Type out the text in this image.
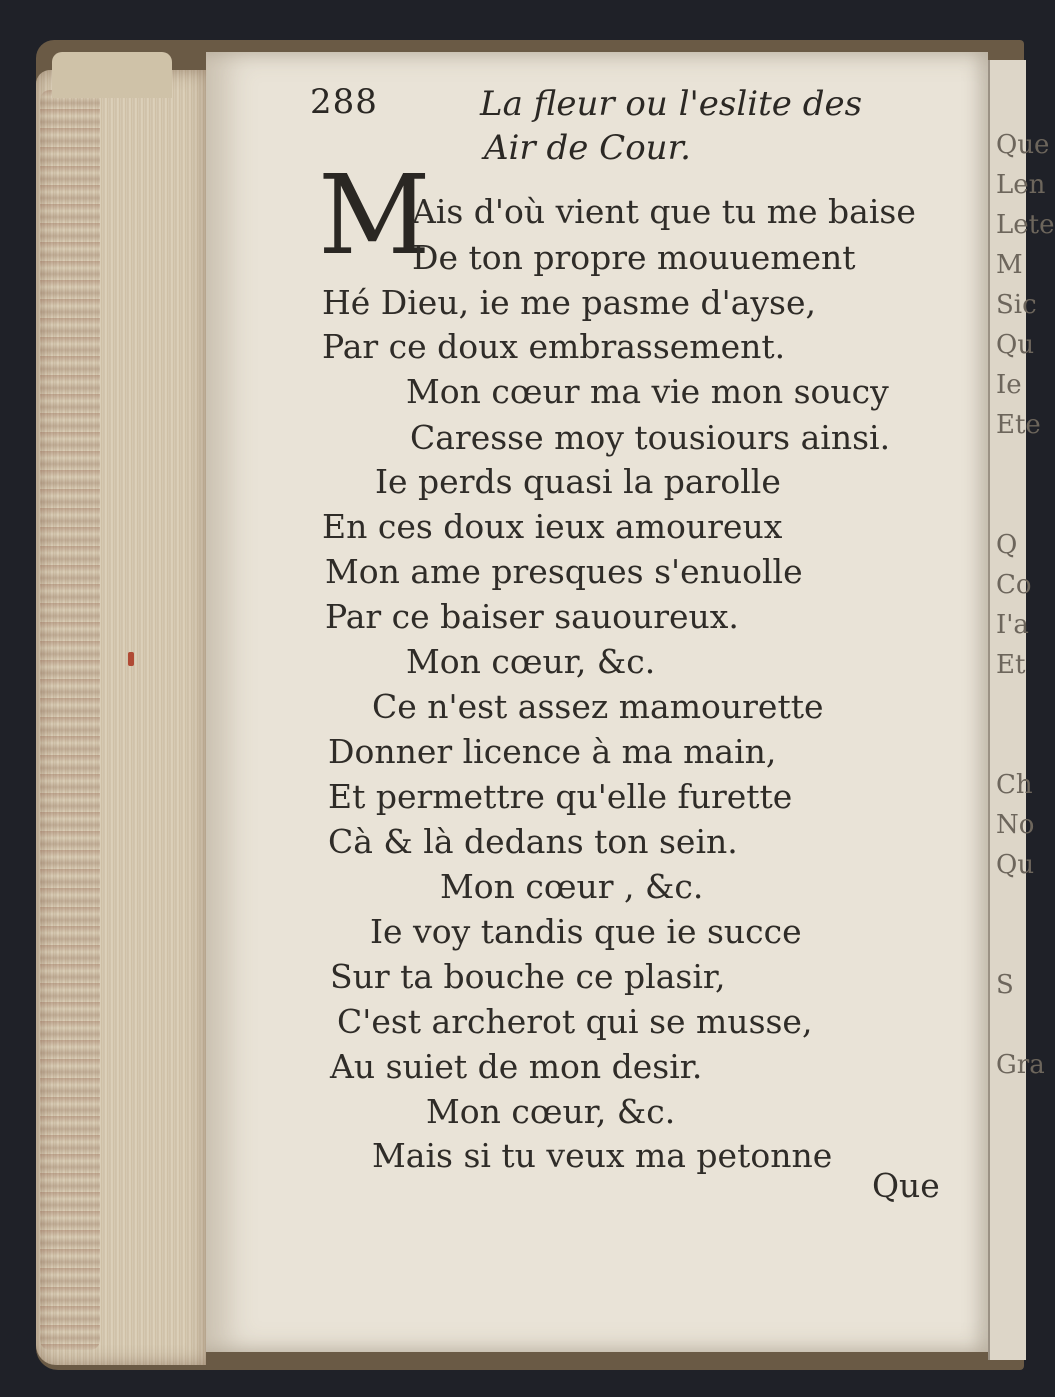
Que
Len
Lete
M
Sic
Qu
Ie
Ete
Q
Co
I'a
Et
Ch
No
Qu
S
Gra
288	La fleur ou l'eslite des
Air de Cour.
M
Ais d'où vient que tu me baise
De ton propre mouuement
Hé Dieu, ie me pasme d'ayse,
Par ce doux embrassement.
Mon cœur ma vie mon soucy
Caresse moy tousiours ainsi.
Ie perds quasi la parolle
En ces doux ieux amoureux
Mon ame presques s'enuolle
Par ce baiser sauoureux.
Mon cœur, &c.
Ce n'est assez mamourette
Donner licence à ma main,
Et permettre qu'elle furette
Cà & là dedans ton sein.
Mon cœur , &c.
Ie voy tandis que ie succe
Sur ta bouche ce plasir,
C'est archerot qui se musse,
Au suiet de mon desir.
Mon cœur, &c.
Mais si tu veux ma petonne
Que
